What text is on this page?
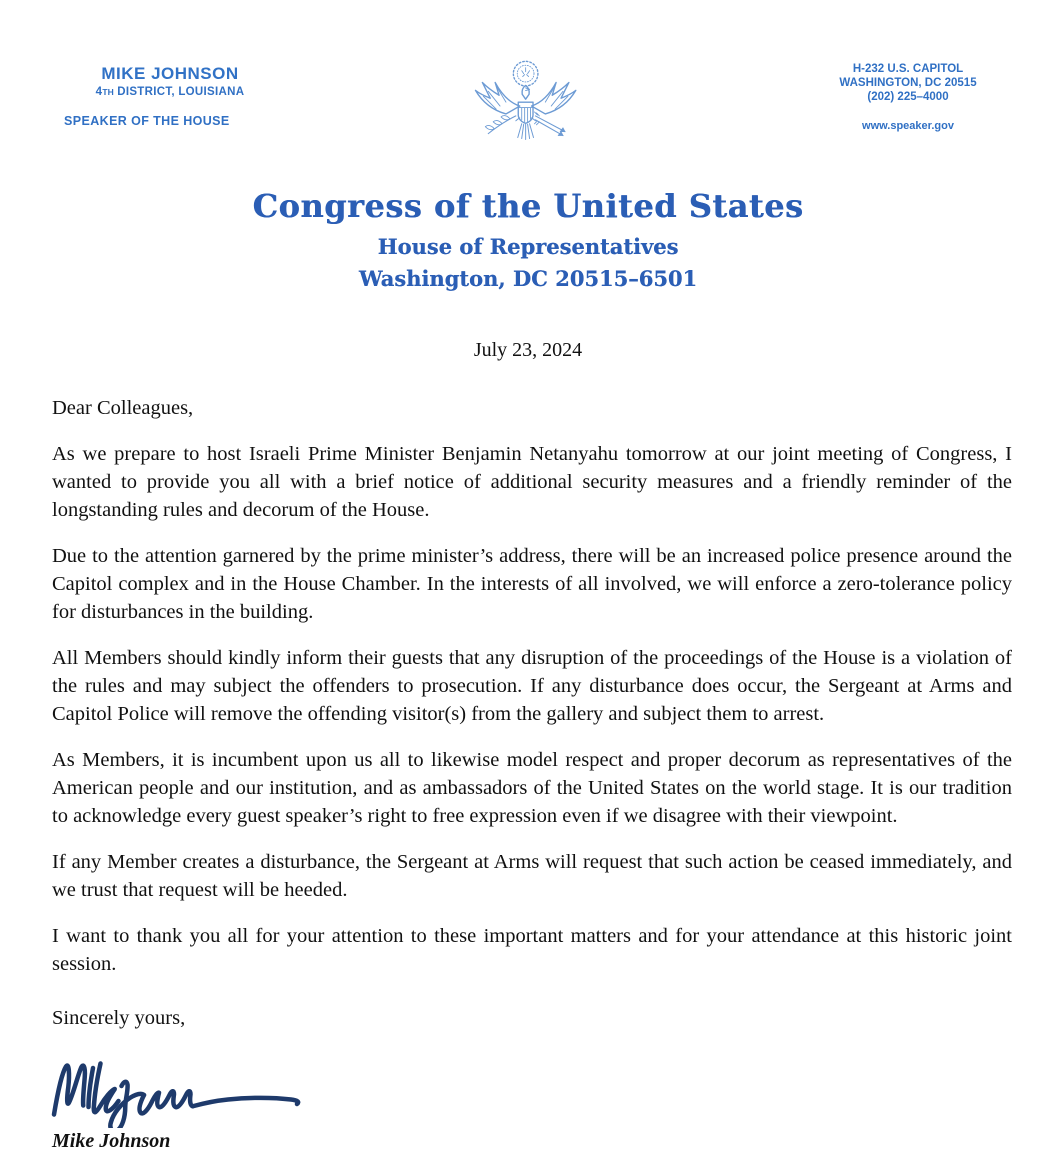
MIKE JOHNSON
4TH DISTRICT, LOUISIANA
SPEAKER OF THE HOUSE
H-232 U.S. CAPITOL
WASHINGTON, DC 20515
(202) 225–4000
www.speaker.gov
Congress of the United States
House of Representatives
Washington, DC 20515–6501
July 23, 2024

Dear Colleagues,

As we prepare to host Israeli Prime Minister Benjamin Netanyahu tomorrow at our joint meeting of Congress, I wanted to provide you all with a brief notice of additional security measures and a friendly reminder of the longstanding rules and decorum of the House.

Due to the attention garnered by the prime minister’s address, there will be an increased police presence around the Capitol complex and in the House Chamber. In the interests of all involved, we will enforce a zero-tolerance policy for disturbances in the building.

All Members should kindly inform their guests that any disruption of the proceedings of the House is a violation of the rules and may subject the offenders to prosecution. If any disturbance does occur, the Sergeant at Arms and Capitol Police will remove the offending visitor(s) from the gallery and subject them to arrest.

As Members, it is incumbent upon us all to likewise model respect and proper decorum as representatives of the American people and our institution, and as ambassadors of the United States on the world stage. It is our tradition to acknowledge every guest speaker’s right to free expression even if we disagree with their viewpoint.

If any Member creates a disturbance, the Sergeant at Arms will request that such action be ceased immediately, and we trust that request will be heeded.

I want to thank you all for your attention to these important matters and for your attendance at this historic joint session.

Sincerely yours,

Mike Johnson
